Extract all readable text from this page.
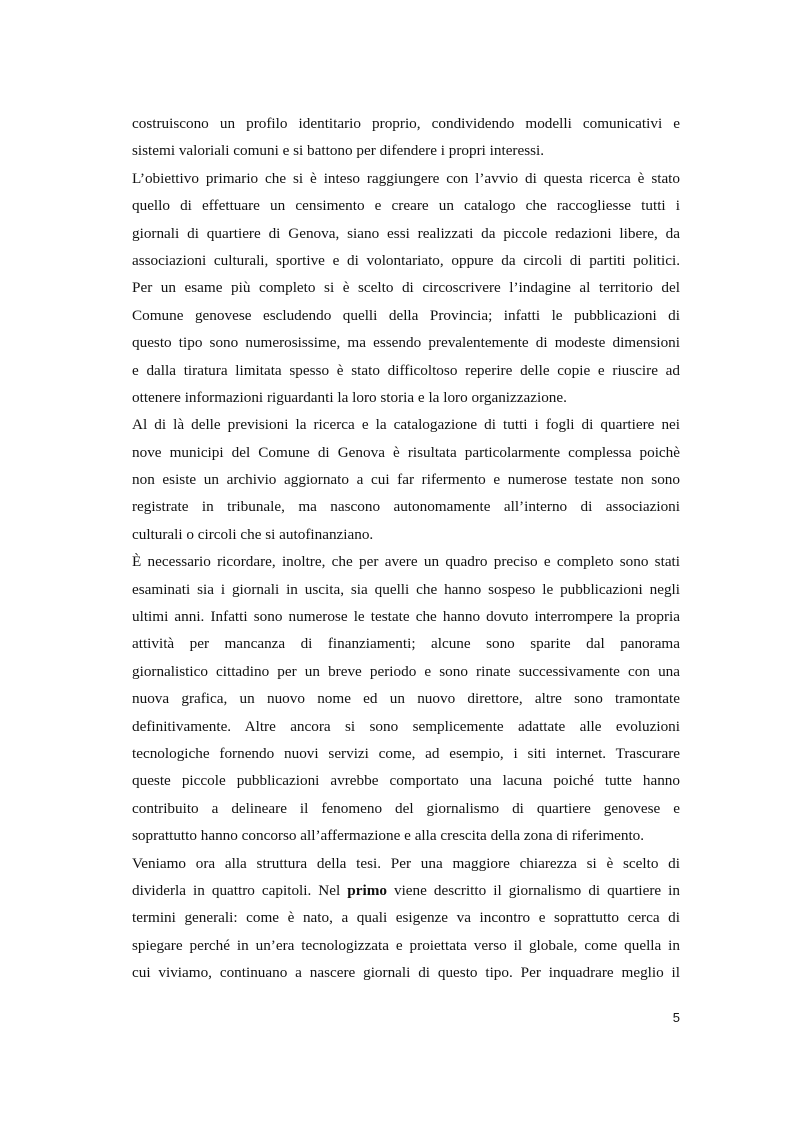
costruiscono un profilo identitario proprio, condividendo modelli comunicativi e
sistemi valoriali comuni e si battono per difendere i propri interessi.
L’obiettivo primario che si è inteso raggiungere con l’avvio di questa ricerca è stato
quello di effettuare un censimento e creare un catalogo che raccogliesse tutti i
giornali di quartiere di Genova, siano essi realizzati da piccole redazioni libere, da
associazioni culturali, sportive e di volontariato, oppure da circoli di partiti politici.
Per un esame più completo si è scelto di circoscrivere l’indagine al territorio del
Comune genovese escludendo quelli della Provincia; infatti le pubblicazioni di
questo tipo sono numerosissime, ma essendo prevalentemente di modeste dimensioni
e dalla tiratura limitata spesso è stato difficoltoso reperire delle copie e riuscire ad
ottenere informazioni riguardanti la loro storia e la loro organizzazione.
Al di là delle previsioni la ricerca e la catalogazione di tutti i fogli di quartiere nei
nove municipi del Comune di Genova è risultata particolarmente complessa poichè
non esiste un archivio aggiornato a cui far rifermento e numerose testate non sono
registrate in tribunale, ma nascono autonomamente all’interno di associazioni
culturali o circoli che si autofinanziano.
È necessario ricordare, inoltre, che per avere un quadro preciso e completo sono stati
esaminati sia i giornali in uscita, sia quelli che hanno sospeso le pubblicazioni negli
ultimi anni. Infatti sono numerose le testate che hanno dovuto interrompere la propria
attività per mancanza di finanziamenti; alcune sono sparite dal panorama
giornalistico cittadino per un breve periodo e sono rinate successivamente con una
nuova grafica, un nuovo nome ed un nuovo direttore, altre sono tramontate
definitivamente. Altre ancora si sono semplicemente adattate alle evoluzioni
tecnologiche fornendo nuovi servizi come, ad esempio, i siti internet. Trascurare
queste piccole pubblicazioni avrebbe comportato una lacuna poiché tutte hanno
contribuito a delineare il fenomeno del giornalismo di quartiere genovese e
soprattutto hanno concorso all’affermazione e alla crescita della zona di riferimento.
Veniamo ora alla struttura della tesi. Per una maggiore chiarezza si è scelto di
dividerla in quattro capitoli. Nel primo viene descritto il giornalismo di quartiere in
termini generali: come è nato, a quali esigenze va incontro e soprattutto cerca di
spiegare perché in un’era tecnologizzata e proiettata verso il globale, come quella in
cui viviamo, continuano a nascere giornali di questo tipo. Per inquadrare meglio il
5
